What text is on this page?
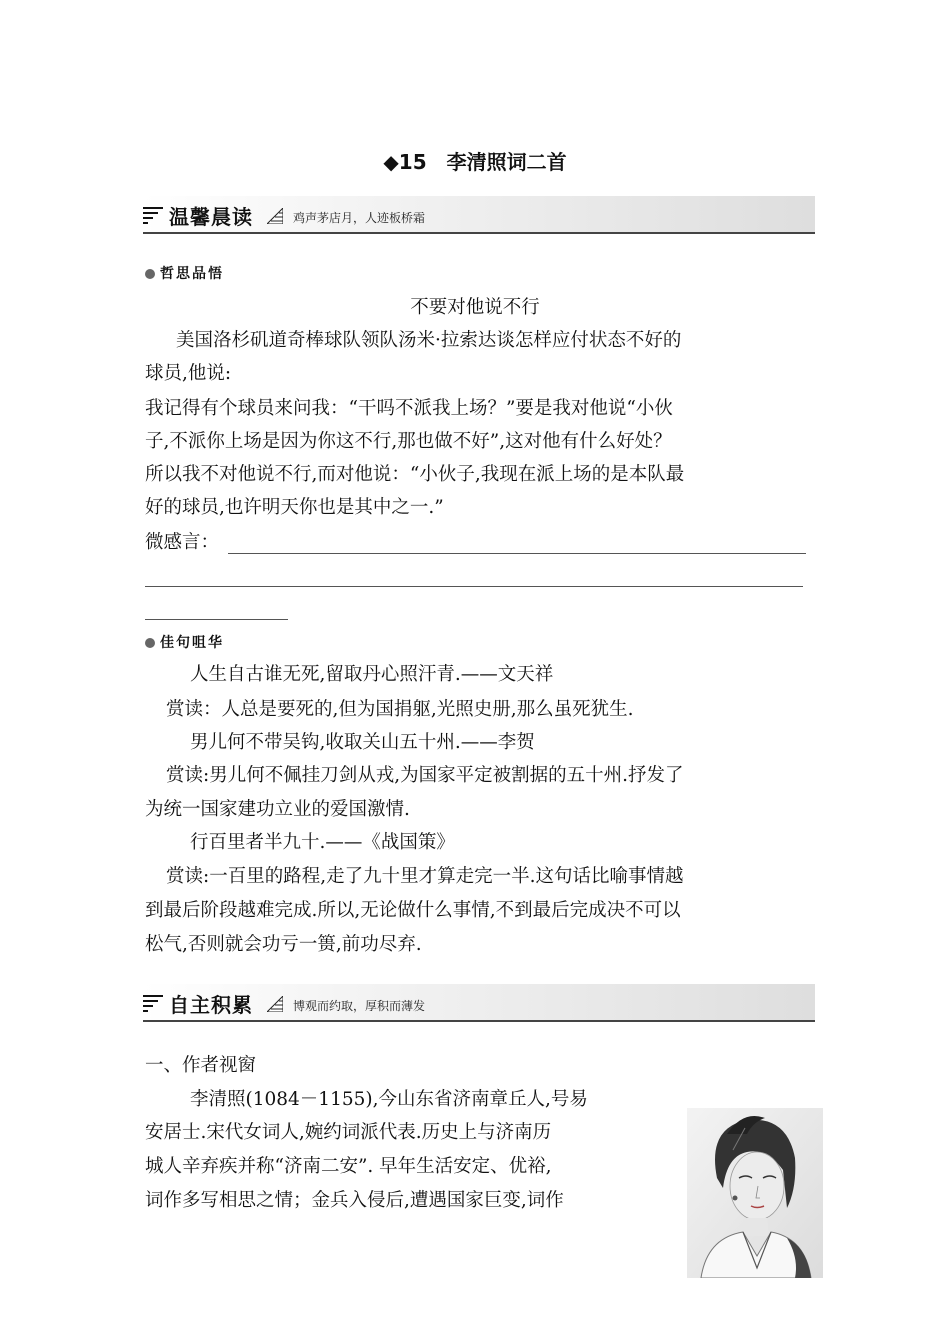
◆15　李清照词二首
温馨晨读	鸡声茅店月，人迹板桥霜
哲思品悟
不要对他说不行
美国洛杉矶道奇棒球队领队汤米·拉索达谈怎样应付状态不好的
球员,他说:
我记得有个球员来问我：“干吗不派我上场？”要是我对他说“小伙
子,不派你上场是因为你这不行,那也做不好”,这对他有什么好处？
所以我不对他说不行,而对他说：“小伙子,我现在派上场的是本队最
好的球员,也许明天你也是其中之一.”
微感言：
佳句咀华
人生自古谁无死,留取丹心照汗青.——文天祥
赏读：人总是要死的,但为国捐躯,光照史册,那么虽死犹生.
男儿何不带吴钩,收取关山五十州.——李贺
赏读:男儿何不佩挂刀剑从戎,为国家平定被割据的五十州.抒发了
为统一国家建功立业的爱国激情.
行百里者半九十.——《战国策》
赏读:一百里的路程,走了九十里才算走完一半.这句话比喻事情越
到最后阶段越难完成.所以,无论做什么事情,不到最后完成决不可以
松气,否则就会功亏一篑,前功尽弃.
自主积累	博观而约取，厚积而薄发
一、作者视窗
李清照(1084－1155),今山东省济南章丘人,号易
安居士.宋代女词人,婉约词派代表.历史上与济南历
城人辛弃疾并称“济南二安”. 早年生活安定、优裕,
词作多写相思之情；金兵入侵后,遭遇国家巨变,词作
